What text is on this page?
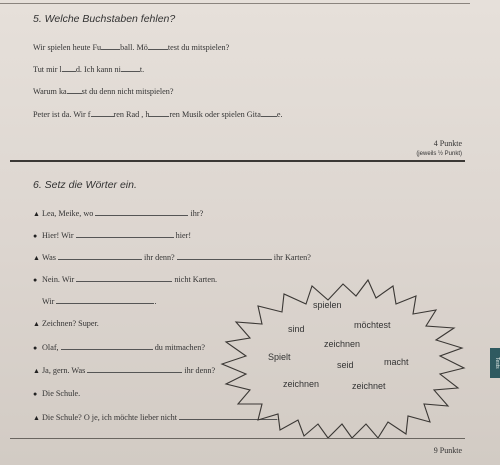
5. Welche Buchstaben fehlen?
Wir spielen heute Fu ball. Mö test du mitspielen?
Tut mir l d. Ich kann ni t.
Warum ka st du denn nicht mitspielen?
Peter ist da. Wir f	ren Rad , h ren Musik oder spielen Gita e.
4 Punkte
(jeweils ½ Punkt)
6. Setz die Wörter ein.
▲ Lea, Meike, wo	ihr?
● Hier! Wir	hier!
▲ Was	ihr denn?	ihr Karten?
● Nein. Wir	nicht Karten.
Wir	.
▲ Zeichnen? Super.
● Olaf,	du mitmachen?
▲ Ja, gern. Was	ihr denn?
● Die Schule.
▲ Die Schule? O je, ich möchte lieber nicht	.
spielen
sind	möchtest
zeichnen
Spielt
seid	macht
zeichnen	zeichnet
9 Punkte
Tests
